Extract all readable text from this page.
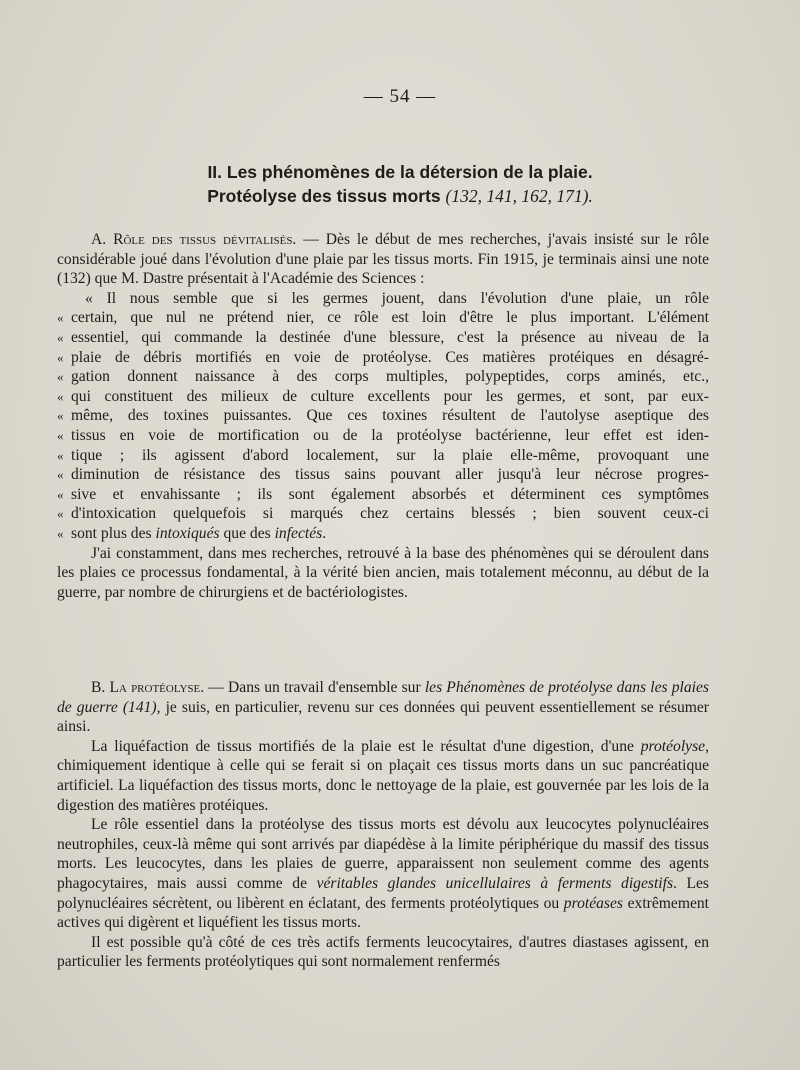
— 54 —
II. Les phénomènes de la détersion de la plaie.
Protéolyse des tissus morts (132, 141, 162, 171).

A. Rôle des tissus dévitalisés. — Dès le début de mes recherches, j'avais insisté sur le rôle considérable joué dans l'évolution d'une plaie par les tissus morts. Fin 1915, je terminais ainsi une note (132) que M. Dastre présentait à l'Académie des Sciences :

« Il nous semble que si les germes jouent, dans l'évolution d'une plaie, un rôle
« certain, que nul ne prétend nier, ce rôle est loin d'être le plus important. L'élément
« essentiel, qui commande la destinée d'une blessure, c'est la présence au niveau de la
« plaie de débris mortifiés en voie de protéolyse. Ces matières protéiques en désagré-
« gation donnent naissance à des corps multiples, polypeptides, corps aminés, etc.,
« qui constituent des milieux de culture excellents pour les germes, et sont, par eux-
« même, des toxines puissantes. Que ces toxines résultent de l'autolyse aseptique des
« tissus en voie de mortification ou de la protéolyse bactérienne, leur effet est iden-
« tique ; ils agissent d'abord localement, sur la plaie elle-même, provoquant une
« diminution de résistance des tissus sains pouvant aller jusqu'à leur nécrose progres-
« sive et envahissante ; ils sont également absorbés et déterminent ces symptômes
« d'intoxication quelquefois si marqués chez certains blessés ; bien souvent ceux-ci
« sont plus des intoxiqués que des infectés.

J'ai constamment, dans mes recherches, retrouvé à la base des phénomènes qui se déroulent dans les plaies ce processus fondamental, à la vérité bien ancien, mais totalement méconnu, au début de la guerre, par nombre de chirurgiens et de bactériologistes.

B. La protéolyse. — Dans un travail d'ensemble sur les Phénomènes de protéolyse dans les plaies de guerre (141), je suis, en particulier, revenu sur ces données qui peuvent essentiellement se résumer ainsi.

La liquéfaction de tissus mortifiés de la plaie est le résultat d'une digestion, d'une protéolyse, chimiquement identique à celle qui se ferait si on plaçait ces tissus morts dans un suc pancréatique artificiel. La liquéfaction des tissus morts, donc le nettoyage de la plaie, est gouvernée par les lois de la digestion des matières protéiques.

Le rôle essentiel dans la protéolyse des tissus morts est dévolu aux leucocytes polynucléaires neutrophiles, ceux-là même qui sont arrivés par diapédèse à la limite périphérique du massif des tissus morts. Les leucocytes, dans les plaies de guerre, apparaissent non seulement comme des agents phagocytaires, mais aussi comme de véritables glandes unicellulaires à ferments digestifs. Les polynucléaires sécrètent, ou libèrent en éclatant, des ferments protéolytiques ou protéases extrêmement actives qui digèrent et liquéfient les tissus morts.

Il est possible qu'à côté de ces très actifs ferments leucocytaires, d'autres diastases agissent, en particulier les ferments protéolytiques qui sont normalement renfermés
